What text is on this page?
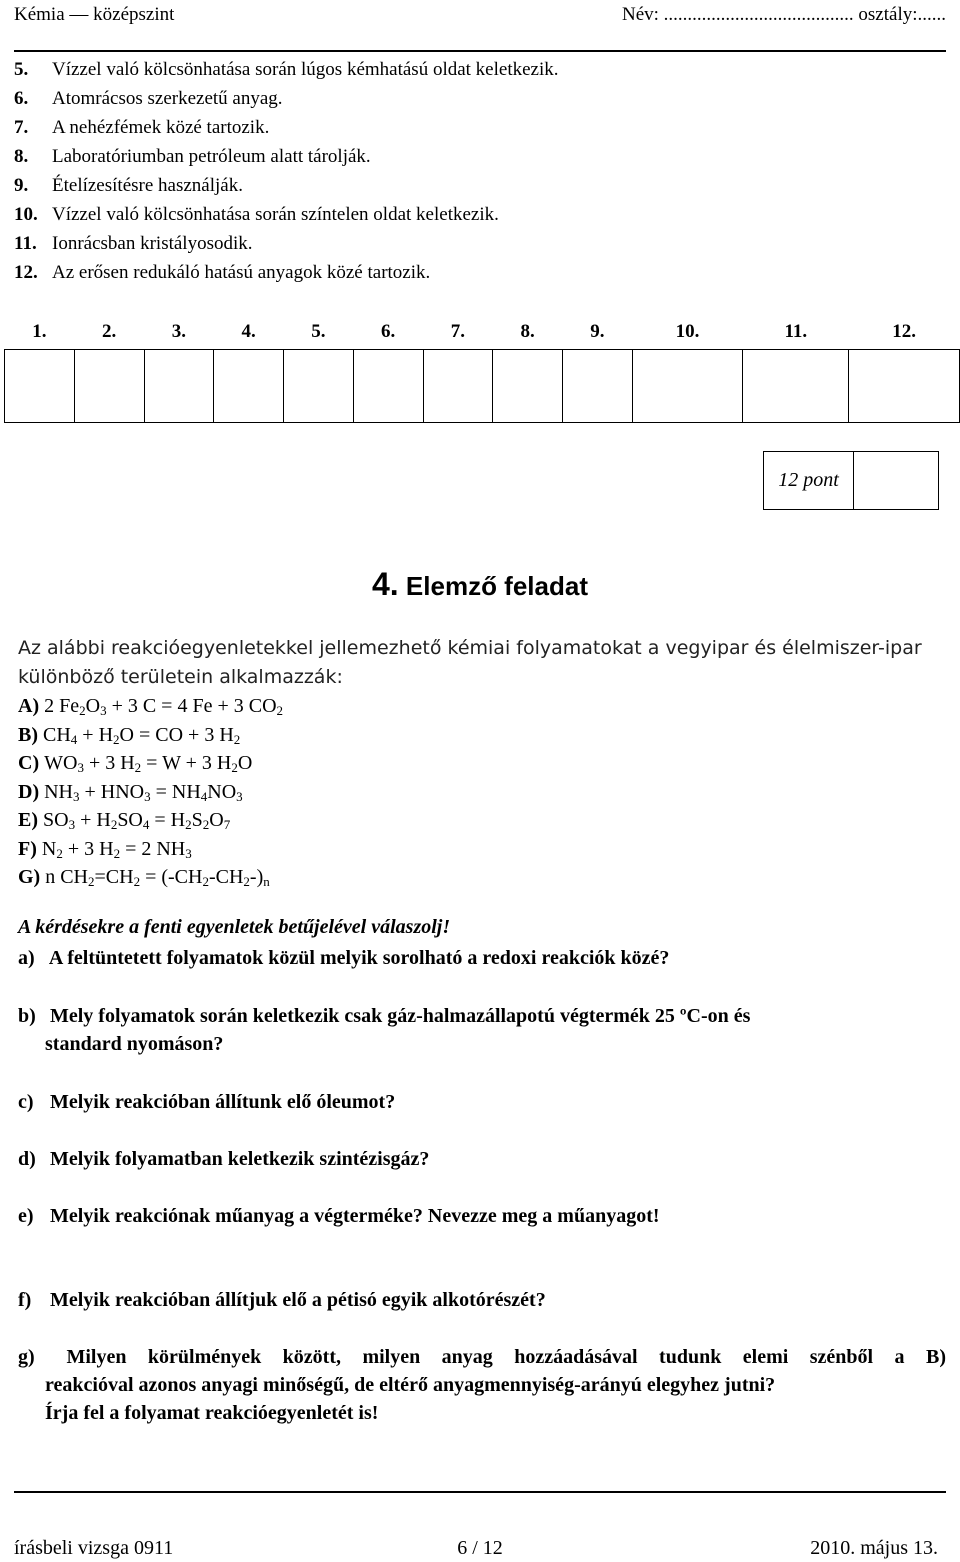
Kémia — középszint	Név: ........................................ osztály:......
5. Vízzel való kölcsönhatása során lúgos kémhatású oldat keletkezik.
6. Atomrácsos szerkezetű anyag.
7. A nehézfémek közé tartozik.
8. Laboratóriumban petróleum alatt tárolják.
9. Ételízesítésre használják.
10. Vízzel való kölcsönhatása során színtelen oldat keletkezik.
11. Ionrácsban kristályosodik.
12. Az erősen redukáló hatású anyagok közé tartozik.
1.	2.	3.	4.	5.	6.	7.	8.	9.	10.	11.	12.

12 pont
4. Elemző feladat
Az alábbi reakcióegyenletekkel jellemezhető kémiai folyamatokat a vegyipar és élelmiszer-ipar különböző területein alkalmazzák:
A) 2 $Fe_2O_3 + 3$ C = 4 Fe + 3 $CO_2$
B) $CH_4 + H_2O$ = CO + 3 $H_2$
C) $WO_3 + 3$ $H_2 = W + 3$ $H_2O$
D) $NH_3 + HNO_3 = NH_4NO_3$
E) $SO_3 + H_2SO_4 = H_2S_2O_7$
F) $N_2 + 3$ $H_2 = 2$ $NH_3$
G) n $CH_2=CH_2 = (-CH_2-CH_2-)_n$
A kérdésekre a fenti egyenletek betűjelével válaszolj!
a) A feltüntetett folyamatok közül melyik sorolható a redoxi reakciók közé?
b) Mely folyamatok során keletkezik csak gáz-halmazállapotú végtermék 25 ºC-on és
standard nyomáson?
c) Melyik reakcióban állítunk elő óleumot?
d) Melyik folyamatban keletkezik szintézisgáz?
e) Melyik reakciónak műanyag a végterméke? Nevezze meg a műanyagot!
f) Melyik reakcióban állítjuk elő a pétisó egyik alkotórészét?
g) Milyen körülmények között, milyen anyag hozzáadásával tudunk elemi szénből a B)
reakcióval azonos anyagi minőségű, de eltérő anyagmennyiség-arányú elegyhez jutni?
Írja fel a folyamat reakcióegyenletét is!
írásbeli vizsga 0911	6 / 12	2010. május 13.
